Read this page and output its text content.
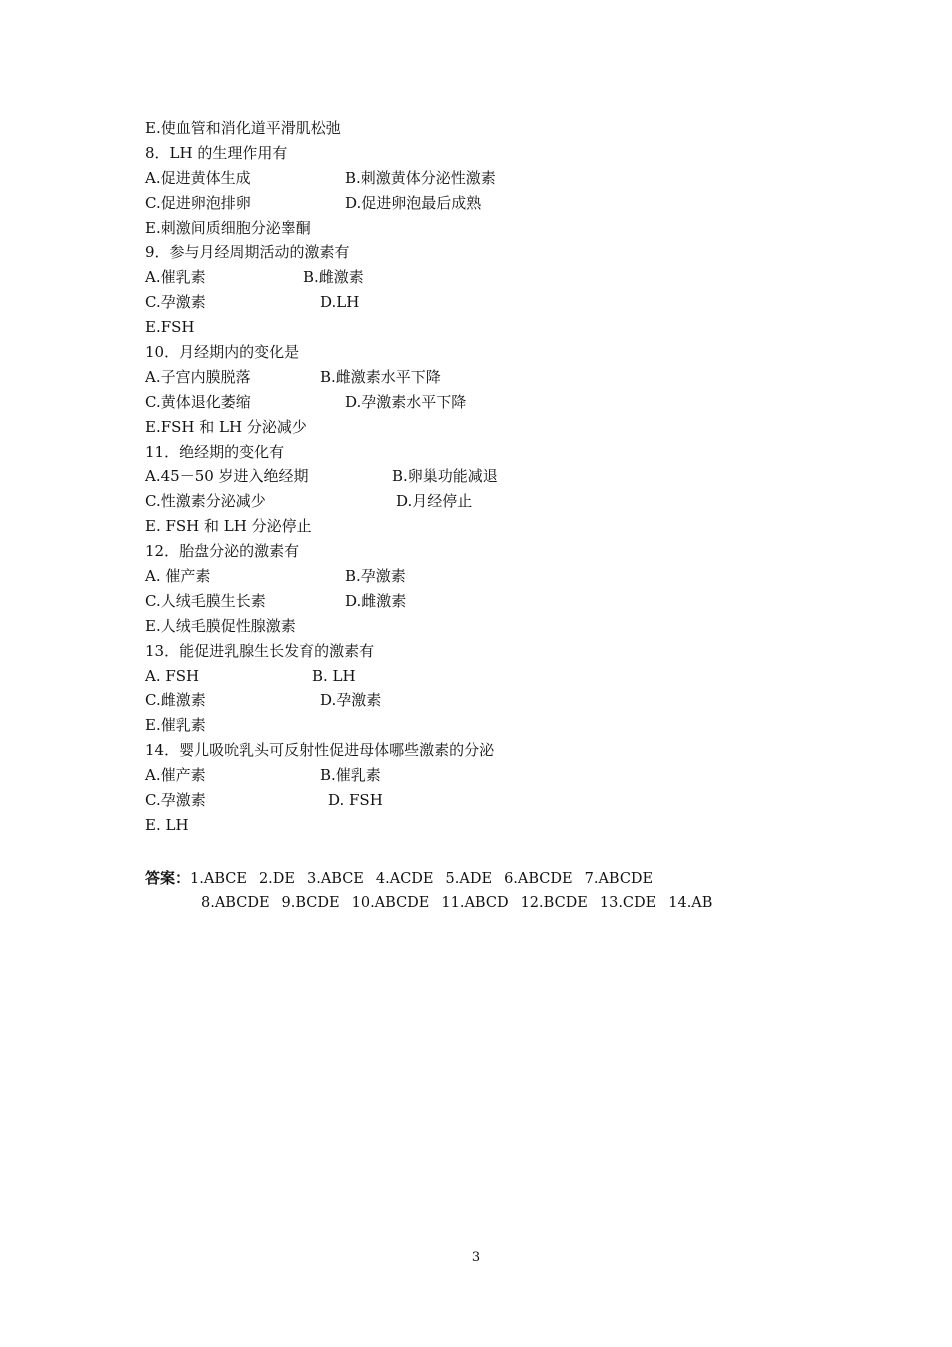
E.使血管和消化道平滑肌松弛
8．LH 的生理作用有
A.促进黄体生成	B.刺激黄体分泌性激素
C.促进卵泡排卵	D.促进卵泡最后成熟
E.刺激间质细胞分泌睾酮
9．参与月经周期活动的激素有
A.催乳素	B.雌激素
C.孕激素	D.LH
E.FSH
10．月经期内的变化是
A.子宫内膜脱落	B.雌激素水平下降
C.黄体退化萎缩	D.孕激素水平下降
E.FSH 和 LH 分泌减少
11．绝经期的变化有
A.45－50 岁进入绝经期	B.卵巢功能减退
C.性激素分泌减少	D.月经停止
E. FSH 和 LH 分泌停止
12．胎盘分泌的激素有
A. 催产素	B.孕激素
C.人绒毛膜生长素	D.雌激素
E.人绒毛膜促性腺激素
13．能促进乳腺生长发育的激素有
A. FSH	B. LH
C.雌激素	D.孕激素
E.催乳素
14．婴儿吸吮乳头可反射性促进母体哪些激素的分泌
A.催产素	B.催乳素
C.孕激素	D. FSH
E. LH
答案：1.ABCE 2.DE 3.ABCE 4.ACDE 5.ADE 6.ABCDE 7.ABCDE
8.ABCDE 9.BCDE 10.ABCDE 11.ABCD 12.BCDE 13.CDE 14.AB
3
